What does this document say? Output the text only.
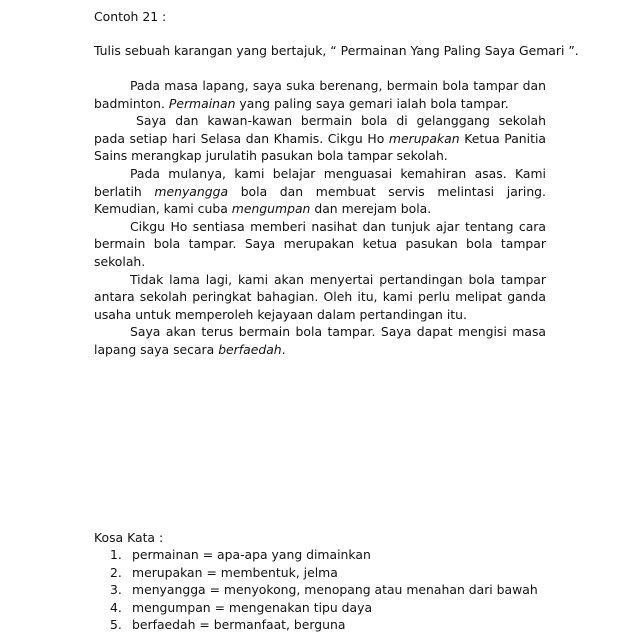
Contoh 21 :

Tulis sebuah karangan yang bertajuk, “ Permainan Yang Paling Saya Gemari ”.

Pada masa lapang, saya suka berenang, bermain bola tampar dan badminton. Permainan yang paling saya gemari ialah bola tampar.

Saya dan kawan-kawan bermain bola di gelanggang sekolah pada setiap hari Selasa dan Khamis. Cikgu Ho merupakan Ketua Panitia Sains merangkap jurulatih pasukan bola tampar sekolah.

Pada mulanya, kami belajar menguasai kemahiran asas. Kami berlatih menyangga bola dan membuat servis melintasi jaring. Kemudian, kami cuba mengumpan dan merejam bola.

Cikgu Ho sentiasa memberi nasihat dan tunjuk ajar tentang cara bermain bola tampar. Saya merupakan ketua pasukan bola tampar sekolah.

Tidak lama lagi, kami akan menyertai pertandingan bola tampar antara sekolah peringkat bahagian. Oleh itu, kami perlu melipat ganda usaha untuk memperoleh kejayaan dalam pertandingan itu.

Saya akan terus bermain bola tampar. Saya dapat mengisi masa lapang saya secara berfaedah.

Kosa Kata :

1. permainan = apa-apa yang dimainkan
2. merupakan = membentuk, jelma
3. menyangga = menyokong, menopang atau menahan dari bawah
4. mengumpan = mengenakan tipu daya
5. berfaedah = bermanfaat, berguna
